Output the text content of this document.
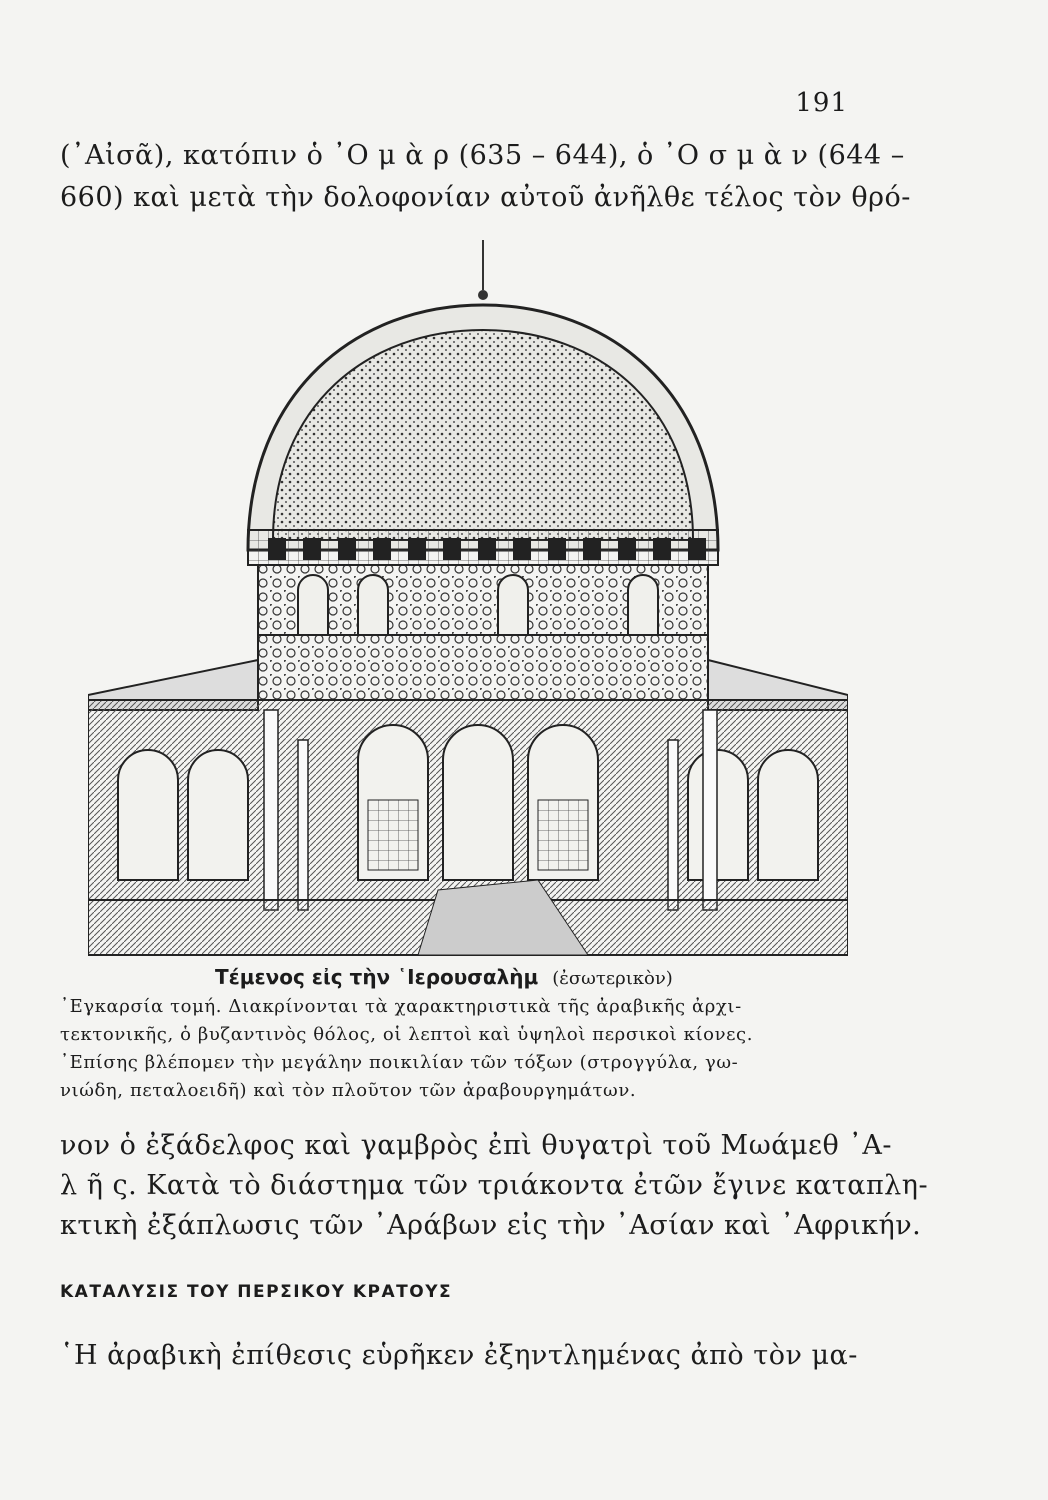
191
(᾽Αἰσᾶ), κατόπιν ὁ ᾽Ο μ ὰ ρ (635 – 644), ὁ ᾽Ο σ μ ὰ ν (644 –
660) καὶ μετὰ τὴν δολοφονίαν αὐτοῦ ἀνῆλθε τέλος τὸν θρό-
Τέμενος εἰς τὴν ῾Ιερουσαλὴμ (ἐσωτερικὸν)
᾽Εγκαρσία τομή. Διακρίνονται τὰ χαρακτηριστικὰ τῆς ἀραβικῆς ἀρχι-
τεκτονικῆς, ὁ βυζαντινὸς θόλος, οἱ λεπτοὶ καὶ ὑψηλοὶ περσικοὶ κίονες.
᾽Επίσης βλέπομεν τὴν μεγάλην ποικιλίαν τῶν τόξων (στρογγύλα, γω-
νιώδη, πεταλοειδῆ) καὶ τὸν πλοῦτον τῶν ἀραβουργημάτων.
νον ὁ ἐξάδελφος καὶ γαμβρὸς ἐπὶ θυγατρὶ τοῦ Μωάμεθ ᾽Α-
λ ῆ ς. Κατὰ τὸ διάστημα τῶν τριάκοντα ἐτῶν ἔγινε καταπλη-
κτικὴ ἐξάπλωσις τῶν ᾽Αράβων εἰς τὴν ᾽Ασίαν καὶ ᾽Αφρικήν.
ΚΑΤΑΛΥΣΙΣ ΤΟΥ ΠΕΡΣΙΚΟΥ ΚΡΑΤΟΥΣ
῾Η ἀραβικὴ ἐπίθεσις εὑρῆκεν ἐξηντλημένας ἀπὸ τὸν μα-
